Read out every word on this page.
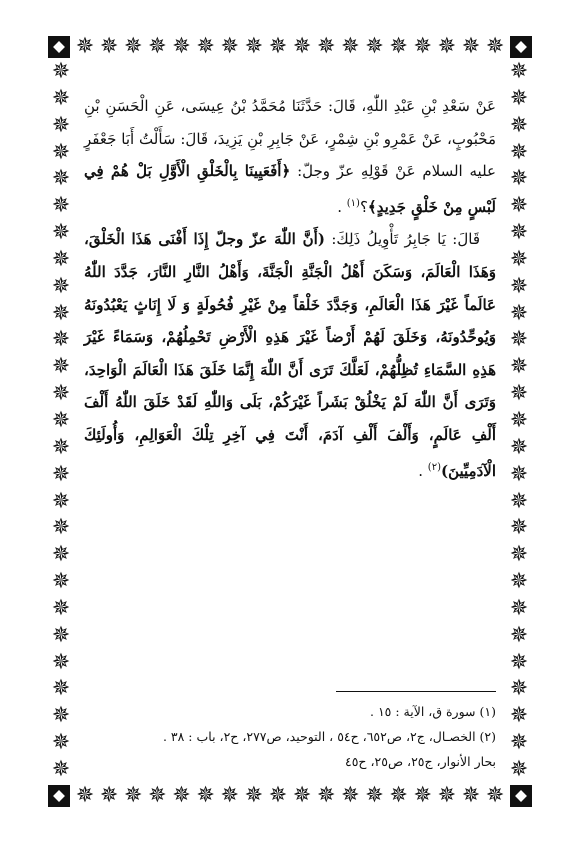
✵ ✵ ✵ ✵ ✵ ✵ ✵ ✵ ✵ ✵ ✵ ✵ ✵ ✵ ✵ ✵ ✵ ✵
✵ ✵ ✵ ✵ ✵ ✵ ✵ ✵ ✵ ✵ ✵ ✵ ✵ ✵ ✵ ✵ ✵ ✵
✵
✵
✵
✵
✵
✵
✵
✵
✵
✵
✵
✵
✵
✵
✵
✵
✵
✵
✵
✵
✵
✵
✵
✵
✵
✵
✵
✵
✵
✵
✵
✵
✵
✵
✵
✵
✵
✵
✵
✵
✵
✵
✵
✵
✵
✵
✵
✵
✵
✵
✵
✵
✵
✵

عَنْ سَعْدِ بْنِ عَبْدِ اللّٰهِ، قَالَ: حَدَّثَنَا مُحَمَّدُ بْنُ عِيسَى، عَنِ الْحَسَنِ بْنِ مَحْبُوبٍ، عَنْ عَمْرِو بْنِ شِمْرٍ، عَنْ جَابِرِ بْنِ يَزِيدَ، قَالَ: سَأَلْتُ أَبَا جَعْفَرٍ عليه السلام عَنْ قَوْلِهِ عزّ وجلّ: ﴿أَفَعَيِينَا بِالْخَلْقِ الْأَوَّلِ بَلْ هُمْ فِي لَبْسٍ مِنْ خَلْقٍ جَدِيدٍ﴾؟$^{(١)}$ .

قَالَ: يَا جَابِرُ تَأْوِيلُ ذَلِكَ: (أَنَّ اللّٰهَ عزّ وجلّ إِذَا أَفْنَى هَذَا الْخَلْقَ، وَهَذَا الْعَالَمَ، وَسَكَنَ أَهْلُ الْجَنَّةِ الْجَنَّةَ، وَأَهْلُ النَّارِ النَّارَ، جَدَّدَ اللّٰهُ عَالَماً غَيْرَ هَذَا الْعَالَمِ، وَجَدَّدَ خَلْقاً مِنْ غَيْرِ فُحُولَةٍ وَ لَا إِنَاثٍ يَعْبُدُونَهُ وَيُوحِّدُونَهُ، وَخَلَقَ لَهُمْ أَرْضاً غَيْرَ هَذِهِ الْأَرْضِ تَحْمِلُهُمْ، وَسَمَاءً غَيْرَ هَذِهِ السَّمَاءِ تُظِلُّهُمْ، لَعَلَّكَ تَرَى أَنَّ اللّٰهَ إِنَّمَا خَلَقَ هَذَا الْعَالَمَ الْوَاحِدَ، وَتَرَى أَنَّ اللّٰهَ لَمْ يَخْلُقْ بَشَراً غَيْرَكُمْ، بَلَى وَاللّٰهِ لَقَدْ خَلَقَ اللّٰهُ أَلْفَ أَلْفِ عَالَمٍ، وَأَلْفَ أَلْفِ آدَمَ، أَنْتَ فِي آخِرِ تِلْكَ الْعَوَالِمِ، وَأُولَئِكَ الْآدَمِيِّينَ)$^{(٢)}$ .

(١) سورة ق، الآية : ١٥ .

(٢) الخصـال، ج٢، ص٦٥٢، ح٥٤ ، التوحيد، ص٢٧٧، ح٢، باب : ٣٨ .

بحار الأنوار، ج٢٥، ص٢٥، ح٤٥
